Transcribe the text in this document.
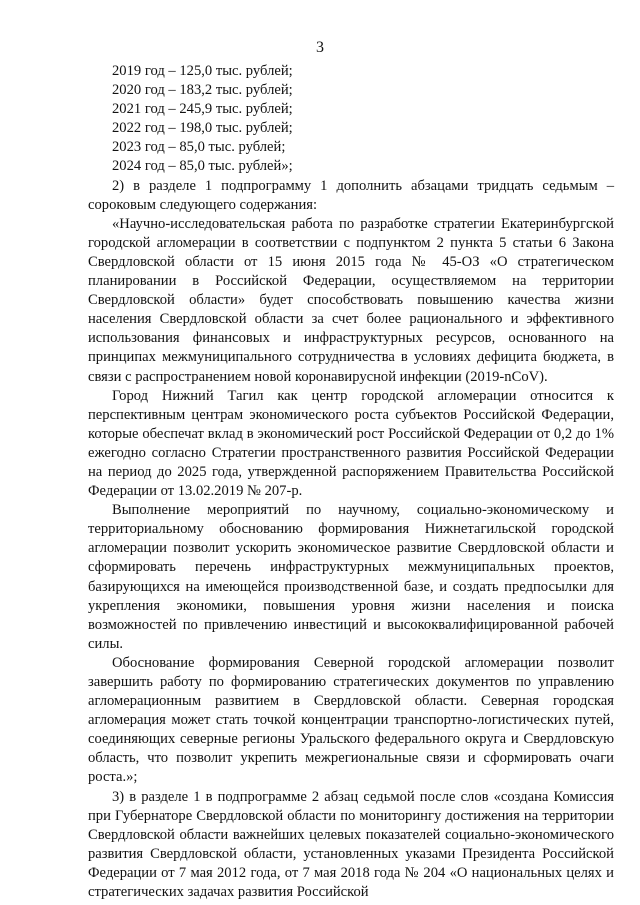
3
2019 год – 125,0 тыс. рублей;
2020 год – 183,2 тыс. рублей;
2021 год – 245,9 тыс. рублей;
2022 год – 198,0 тыс. рублей;
2023 год – 85,0 тыс. рублей;
2024 год – 85,0 тыс. рублей»;

2) в разделе 1 подпрограмму 1 дополнить абзацами тридцать седьмым – сороковым следующего содержания:

«Научно-исследовательская работа по разработке стратегии Екатеринбургской городской агломерации в соответствии с подпунктом 2 пункта 5 статьи 6 Закона Свердловской области от 15 июня 2015 года № 45-ОЗ «О стратегическом планировании в Российской Федерации, осуществляемом на территории Свердловской области» будет способствовать повышению качества жизни населения Свердловской области за счет более рационального и эффективного использования финансовых и инфраструктурных ресурсов, основанного на принципах межмуниципального сотрудничества в условиях дефицита бюджета, в связи с распространением новой коронавирусной инфекции (2019-nCoV).

Город Нижний Тагил как центр городской агломерации относится к перспективным центрам экономического роста субъектов Российской Федерации, которые обеспечат вклад в экономический рост Российской Федерации от 0,2 до 1% ежегодно согласно Стратегии пространственного развития Российской Федерации на период до 2025 года, утвержденной распоряжением Правительства Российской Федерации от 13.02.2019 № 207-р.

Выполнение мероприятий по научному, социально-экономическому и территориальному обоснованию формирования Нижнетагильской городской агломерации позволит ускорить экономическое развитие Свердловской области и сформировать перечень инфраструктурных межмуниципальных проектов, базирующихся на имеющейся производственной базе, и создать предпосылки для укрепления экономики, повышения уровня жизни населения и поиска возможностей по привлечению инвестиций и высококвалифицированной рабочей силы.

Обоснование формирования Северной городской агломерации позволит завершить работу по формированию стратегических документов по управлению агломерационным развитием в Свердловской области. Северная городская агломерация может стать точкой концентрации транспортно-логистических путей, соединяющих северные регионы Уральского федерального округа и Свердловскую область, что позволит укрепить межрегиональные связи и сформировать очаги роста.»;

3) в разделе 1 в подпрограмме 2 абзац седьмой после слов «создана Комиссия при Губернаторе Свердловской области по мониторингу достижения на территории Свердловской области важнейших целевых показателей социально-экономического развития Свердловской области, установленных указами Президента Российской Федерации от 7 мая 2012 года, от 7 мая 2018 года № 204 «О национальных целях и стратегических задачах развития Российской
